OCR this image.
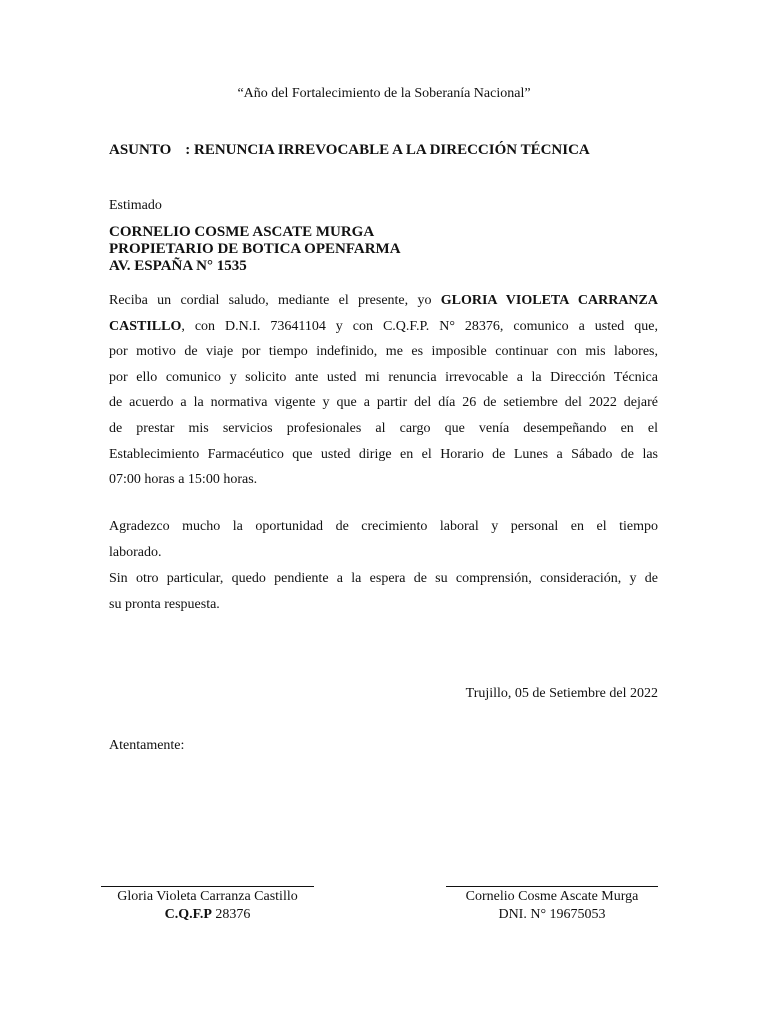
“Año del Fortalecimiento de la Soberanía Nacional”
ASUNTO : RENUNCIA IRREVOCABLE A LA DIRECCIÓN TÉCNICA
Estimado
CORNELIO COSME ASCATE MURGA
PROPIETARIO DE BOTICA OPENFARMA
AV. ESPAÑA N° 1535
Reciba un cordial saludo, mediante el presente, yo GLORIA VIOLETA CARRANZA
CASTILLO, con D.N.I. 73641104 y con C.Q.F.P. N° 28376, comunico a usted que,
por motivo de viaje por tiempo indefinido, me es imposible continuar con mis labores,
por ello comunico y solicito ante usted mi renuncia irrevocable a la Dirección Técnica
de acuerdo a la normativa vigente y que a partir del día 26 de setiembre del 2022 dejaré
de prestar mis servicios profesionales al cargo que venía desempeñando en el
Establecimiento Farmacéutico que usted dirige en el Horario de Lunes a Sábado de las
07:00 horas a 15:00 horas.
Agradezco mucho la oportunidad de crecimiento laboral y personal en el tiempo
laborado.
Sin otro particular, quedo pendiente a la espera de su comprensión, consideración, y de
su pronta respuesta.
Trujillo, 05 de Setiembre del 2022
Atentamente:
Gloria Violeta Carranza Castillo
C.Q.F.P 28376
Cornelio Cosme Ascate Murga
DNI. N° 19675053
